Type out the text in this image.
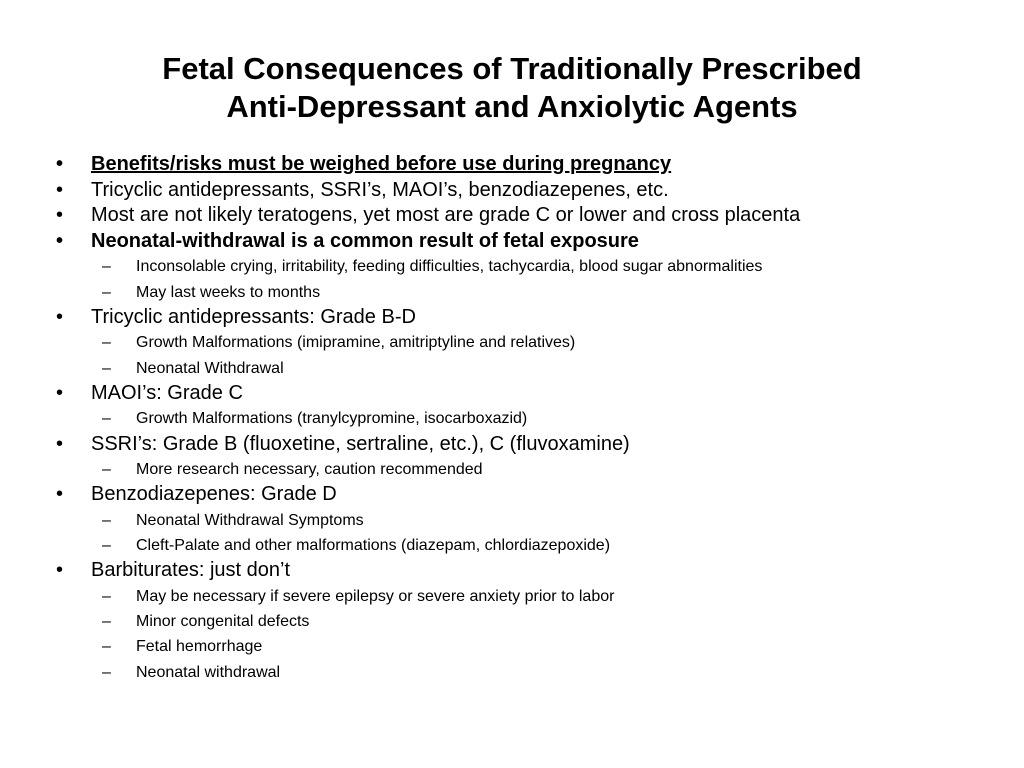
Fetal Consequences of Traditionally Prescribed
Anti-Depressant and Anxiolytic Agents
•	Benefits/risks must be weighed before use during pregnancy
•	Tricyclic antidepressants, SSRI’s, MAOI’s, benzodiazepenes, etc.
•	Most are not likely teratogens, yet most are grade C or lower and cross placenta
•	Neonatal-withdrawal is a common result of fetal exposure
–	Inconsolable crying, irritability, feeding difficulties, tachycardia, blood sugar abnormalities
–	May last weeks to months
•	Tricyclic antidepressants: Grade B-D
–	Growth Malformations (imipramine, amitriptyline and relatives)
–	Neonatal Withdrawal
•	MAOI’s: Grade C
–	Growth Malformations (tranylcypromine, isocarboxazid)
•	SSRI’s: Grade B (fluoxetine, sertraline, etc.), C (fluvoxamine)
–	More research necessary, caution recommended
•	Benzodiazepenes: Grade D
–	Neonatal Withdrawal Symptoms
–	Cleft-Palate and other malformations (diazepam, chlordiazepoxide)
•	Barbiturates: just don’t
–	May be necessary if severe epilepsy or severe anxiety prior to labor
–	Minor congenital defects
–	Fetal hemorrhage
–	Neonatal withdrawal
